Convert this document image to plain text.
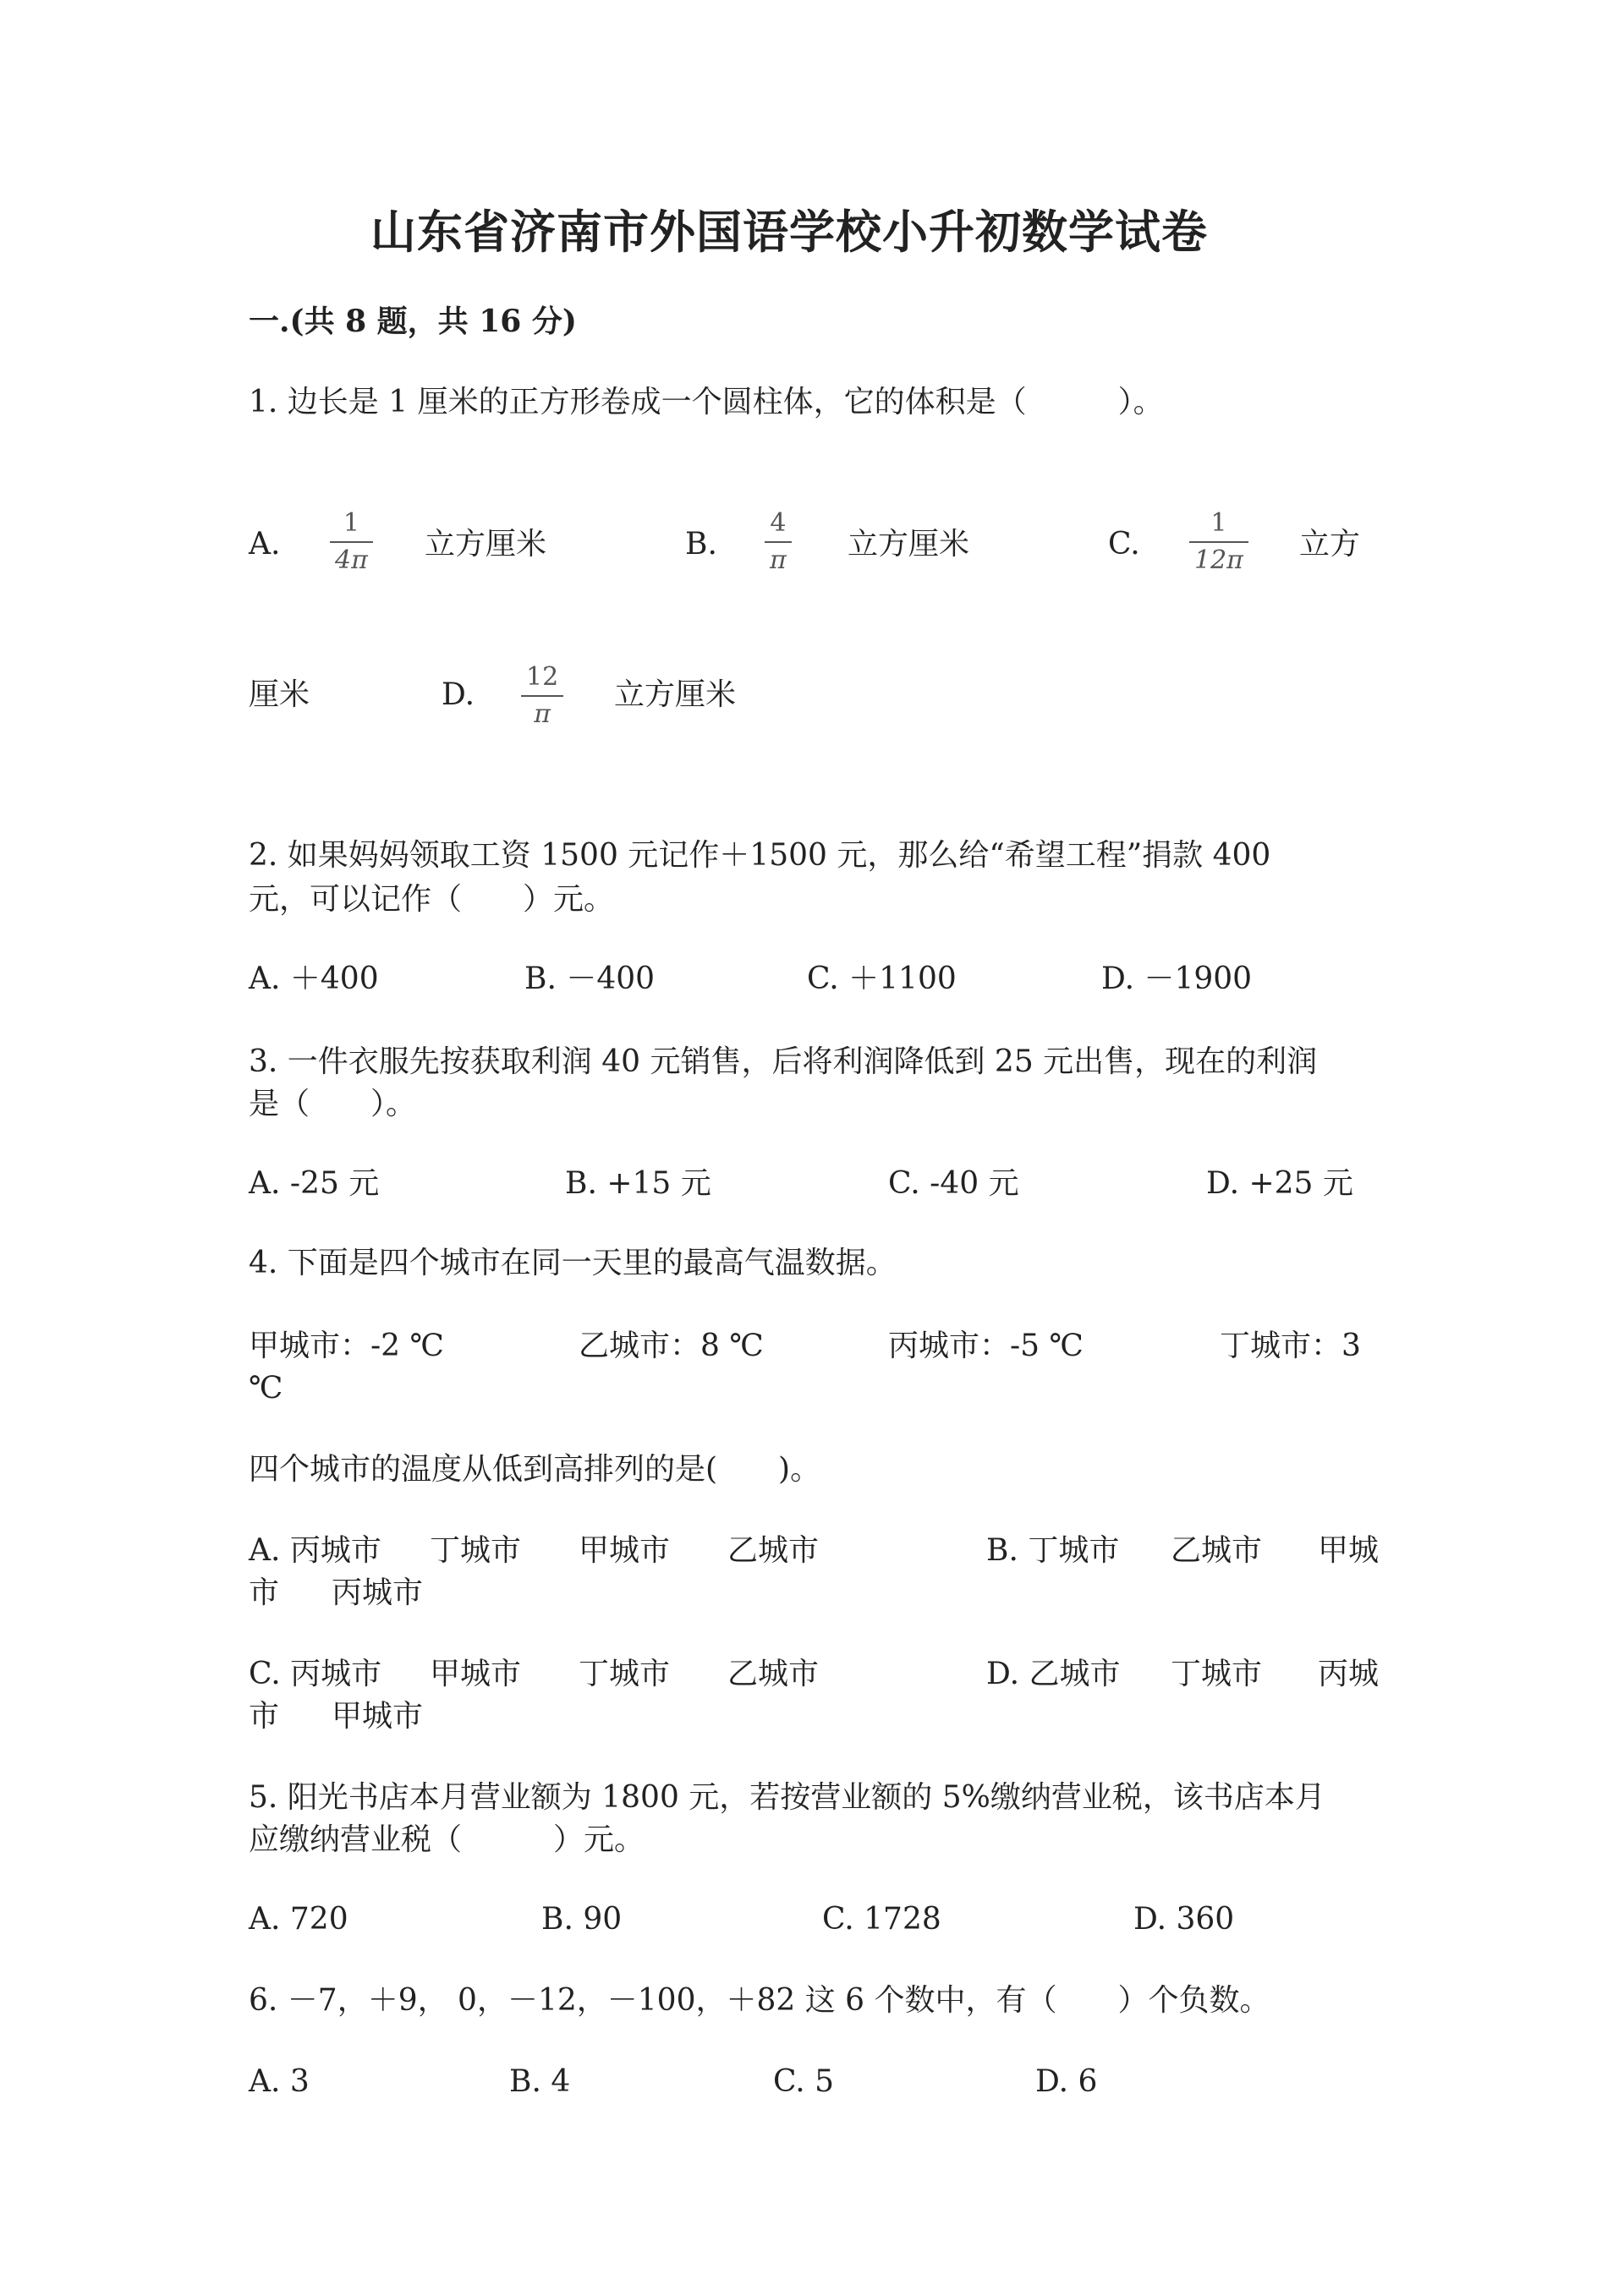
山东省济南市外国语学校小升初数学试卷
一.(共 8 题，共 16 分)
1. 边长是 1 厘米的正方形卷成一个圆柱体，它的体积是（　　　）。
A.
1
4π 立方厘米	B.
4
π 立方厘米	C.
1
12π 立方
厘米	D.
12
π
立方厘米
2. 如果妈妈领取工资 1500 元记作＋1500 元，那么给“希望工程”捐款 400
元，可以记作（　　）元。
A. ＋400	B. －400	C. ＋1100	D. －1900
3. 一件衣服先按获取利润 40 元销售，后将利润降低到 25 元出售，现在的利润
是（　　）。
A. -25 元	B. +15 元	C. -40 元	D. +25 元
4. 下面是四个城市在同一天里的最高气温数据。
甲城市：-2 ℃	乙城市：8 ℃	丙城市：-5 ℃	丁城市：3
℃
四个城市的温度从低到高排列的是(　　)。
A. 丙城市 丁城市 甲城市 乙城市	B. 丁城市 乙城市 甲城
市 丙城市
C. 丙城市 甲城市 丁城市 乙城市	D. 乙城市 丁城市 丙城
市 甲城市
5. 阳光书店本月营业额为 1800 元，若按营业额的 5%缴纳营业税，该书店本月
应缴纳营业税（　　　）元。
A. 720	B. 90	C. 1728	D. 360
6. －7，＋9， 0，－12，－100，＋82 这 6 个数中，有（　　）个负数。
A. 3	B. 4	C. 5	D. 6
